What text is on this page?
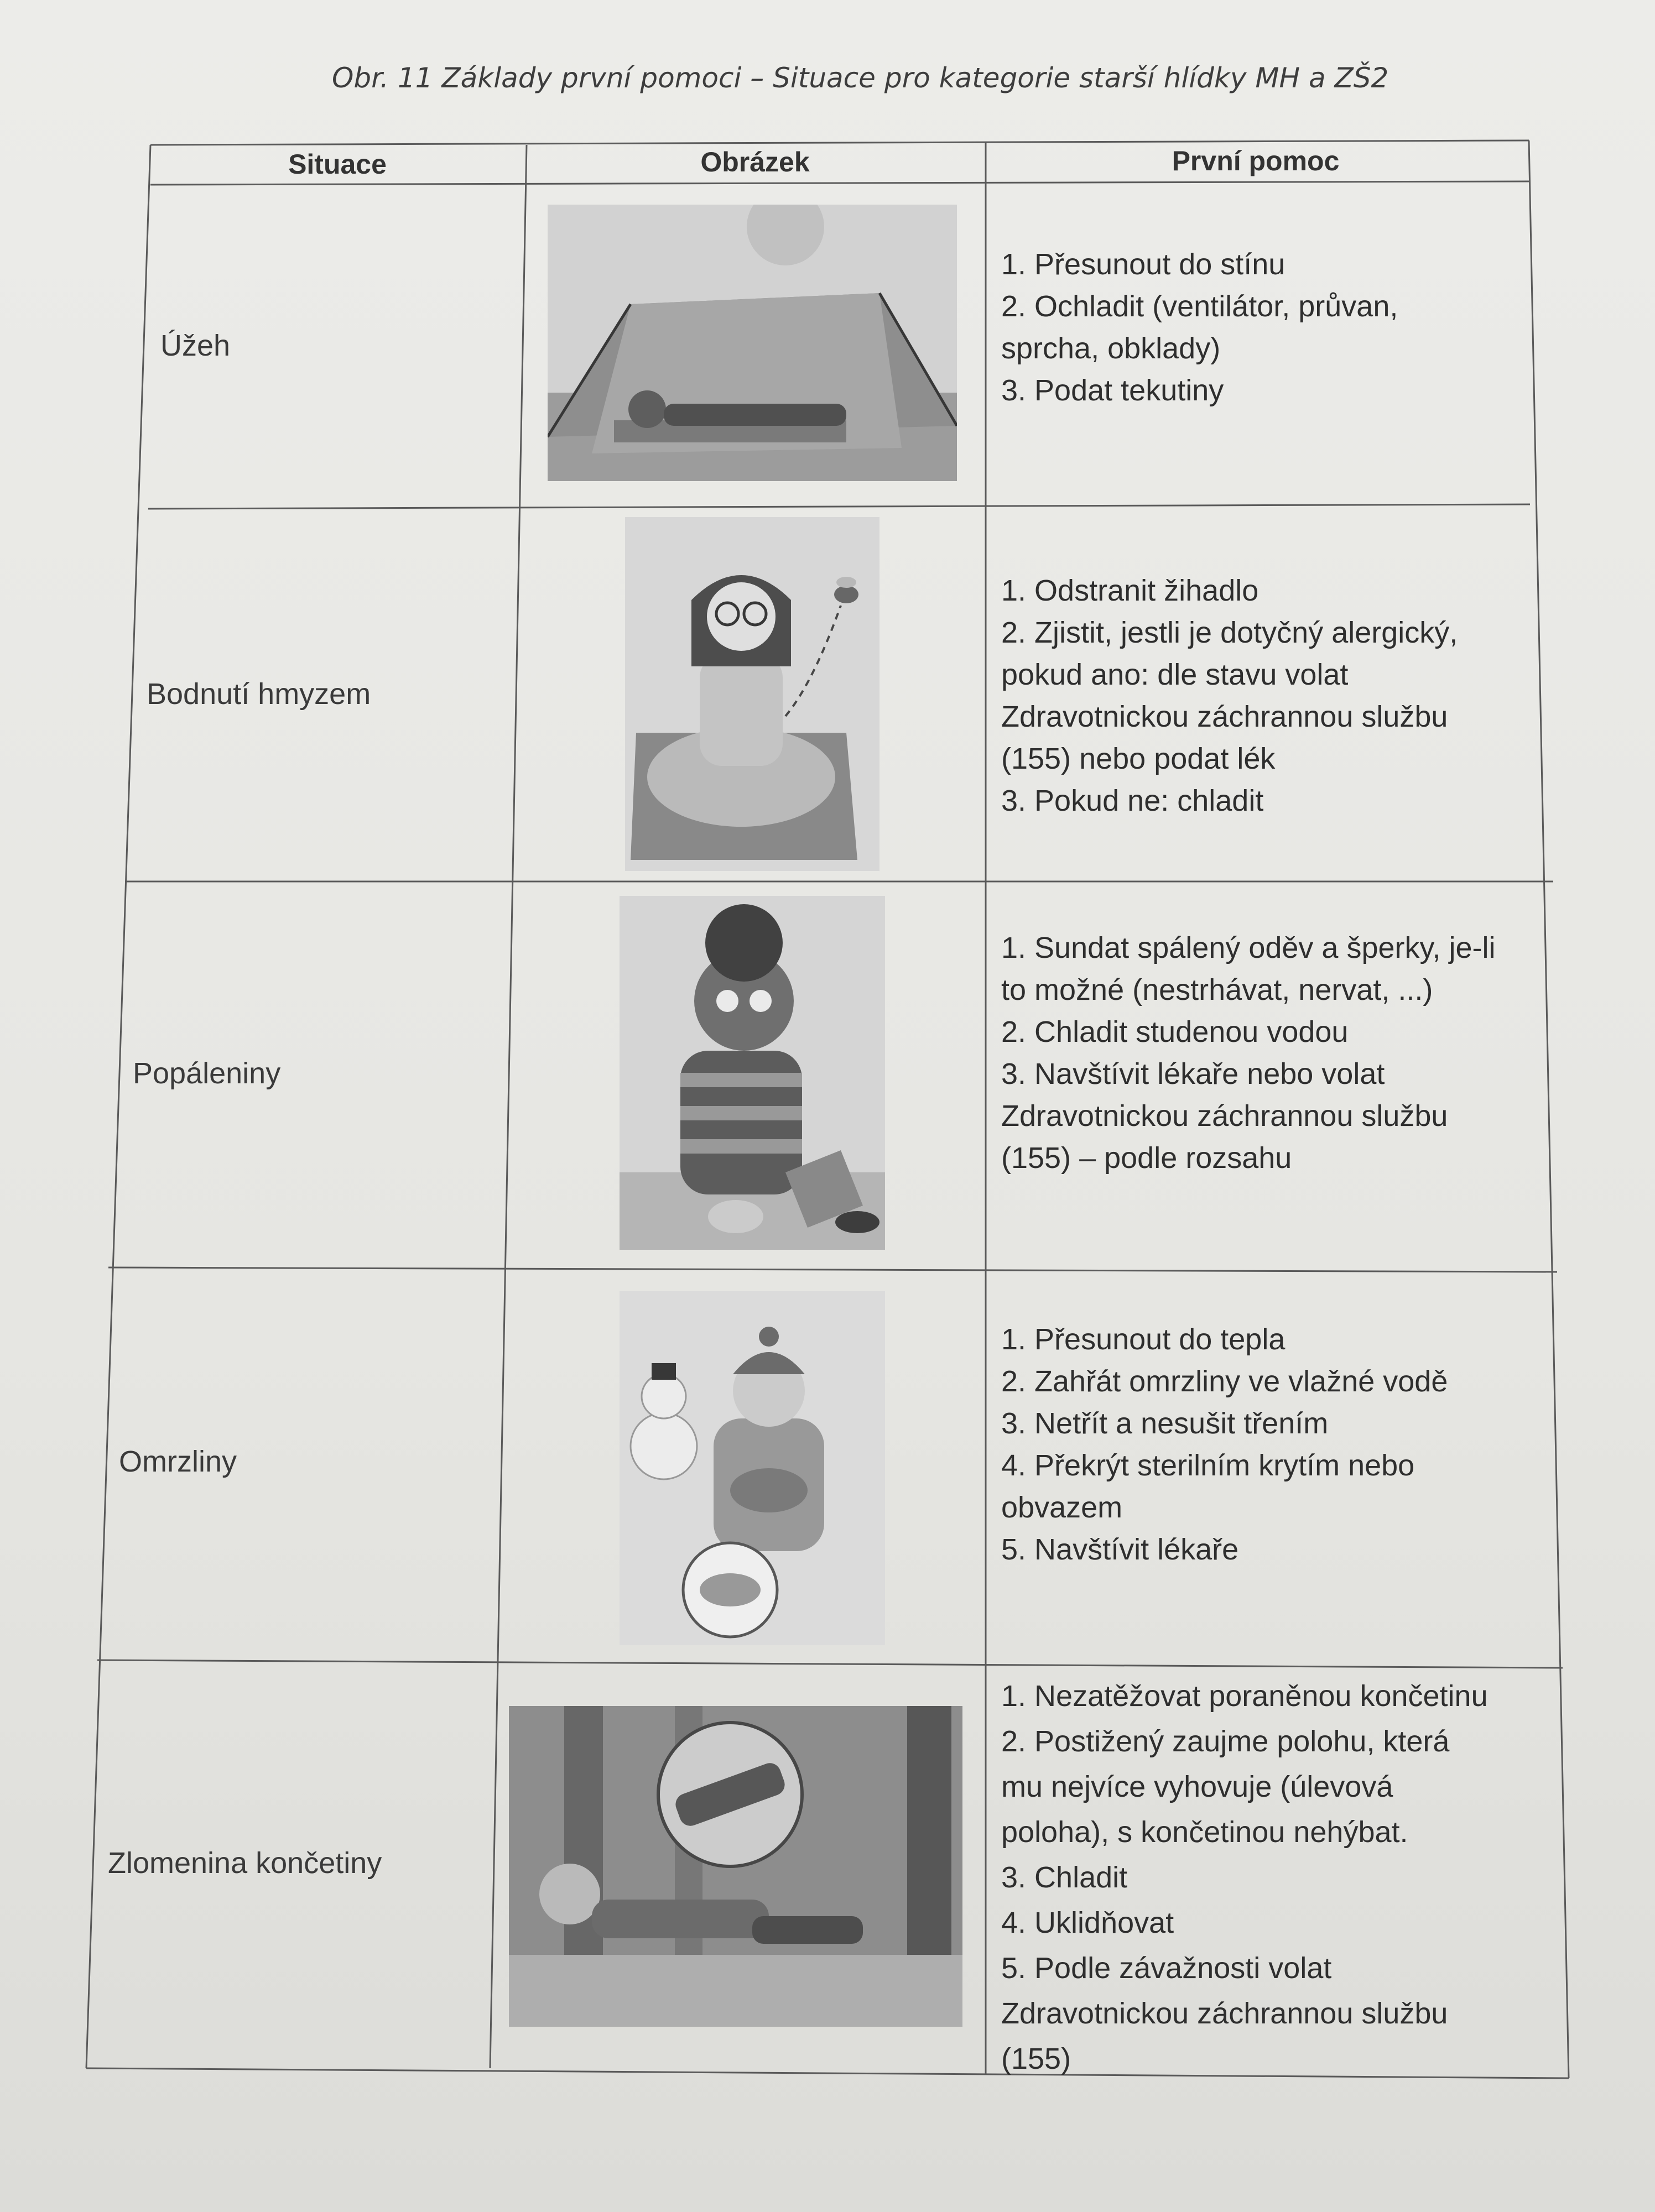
Obr. 11 Základy první pomoci – Situace pro kategorie starší hlídky MH a ZŠ2
Situace	Obrázek	První pomoc
Úžeh
1. Přesunout do stínu
2. Ochladit (ventilátor, průvan,
sprcha, obklady)
3. Podat tekutiny
Bodnutí hmyzem
1. Odstranit žihadlo
2. Zjistit, jestli je dotyčný alergický,
pokud ano: dle stavu volat
Zdravotnickou záchrannou službu
(155) nebo podat lék
3. Pokud ne: chladit
Popáleniny
1. Sundat spálený oděv a šperky, je-li
to možné (nestrhávat, nervat, ...)
2. Chladit studenou vodou
3. Navštívit lékaře nebo volat
Zdravotnickou záchrannou službu
(155) – podle rozsahu
Omrzliny
1. Přesunout do tepla
2. Zahřát omrzliny ve vlažné vodě
3. Netřít a nesušit třením
4. Překrýt sterilním krytím nebo
obvazem
5. Navštívit lékaře
Zlomenina končetiny
1. Nezatěžovat poraněnou končetinu
2. Postižený zaujme polohu, která
mu nejvíce vyhovuje (úlevová
poloha), s končetinou nehýbat.
3. Chladit
4. Uklidňovat
5. Podle závažnosti volat
Zdravotnickou záchrannou službu
(155)
